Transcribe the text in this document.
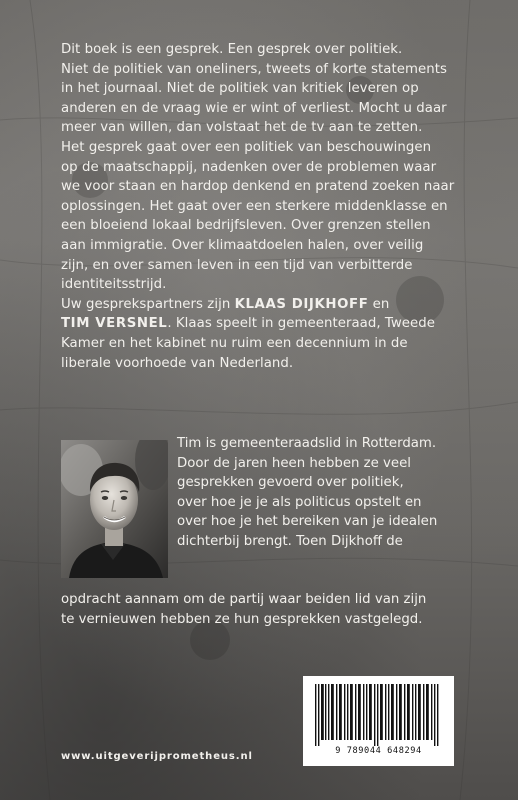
Dit boek is een gesprek. Een gesprek over politiek.

Niet de politiek van oneliners, tweets of korte statements

in het journaal. Niet de politiek van kritiek leveren op

anderen en de vraag wie er wint of verliest. Mocht u daar

meer van willen, dan volstaat het de tv aan te zetten.

Het gesprek gaat over een politiek van beschouwingen

op de maatschappij, nadenken over de problemen waar

we voor staan en hardop denkend en pratend zoeken naar

oplossingen. Het gaat over een sterkere middenklasse en

een bloeiend lokaal bedrijfsleven. Over grenzen stellen

aan immigratie. Over klimaatdoelen halen, over veilig

zijn, en over samen leven in een tijd van verbitterde

identiteitsstrijd.

Uw gesprekspartners zijn KLAAS DIJKHOFF en

TIM VERSNEL. Klaas speelt in gemeenteraad, Tweede

Kamer en het kabinet nu ruim een decennium in de

liberale voorhoede van Nederland.

Tim is gemeenteraadslid in Rotterdam.

Door de jaren heen hebben ze veel

gesprekken gevoerd over politiek,

over hoe je je als politicus opstelt en

over hoe je het bereiken van je idealen

dichterbij brengt. Toen Dijkhoff de

opdracht aannam om de partij waar beiden lid van zijn

te vernieuwen hebben ze hun gesprekken vastgelegd.

9 789044 648294
www.uitgeverijprometheus.nl
